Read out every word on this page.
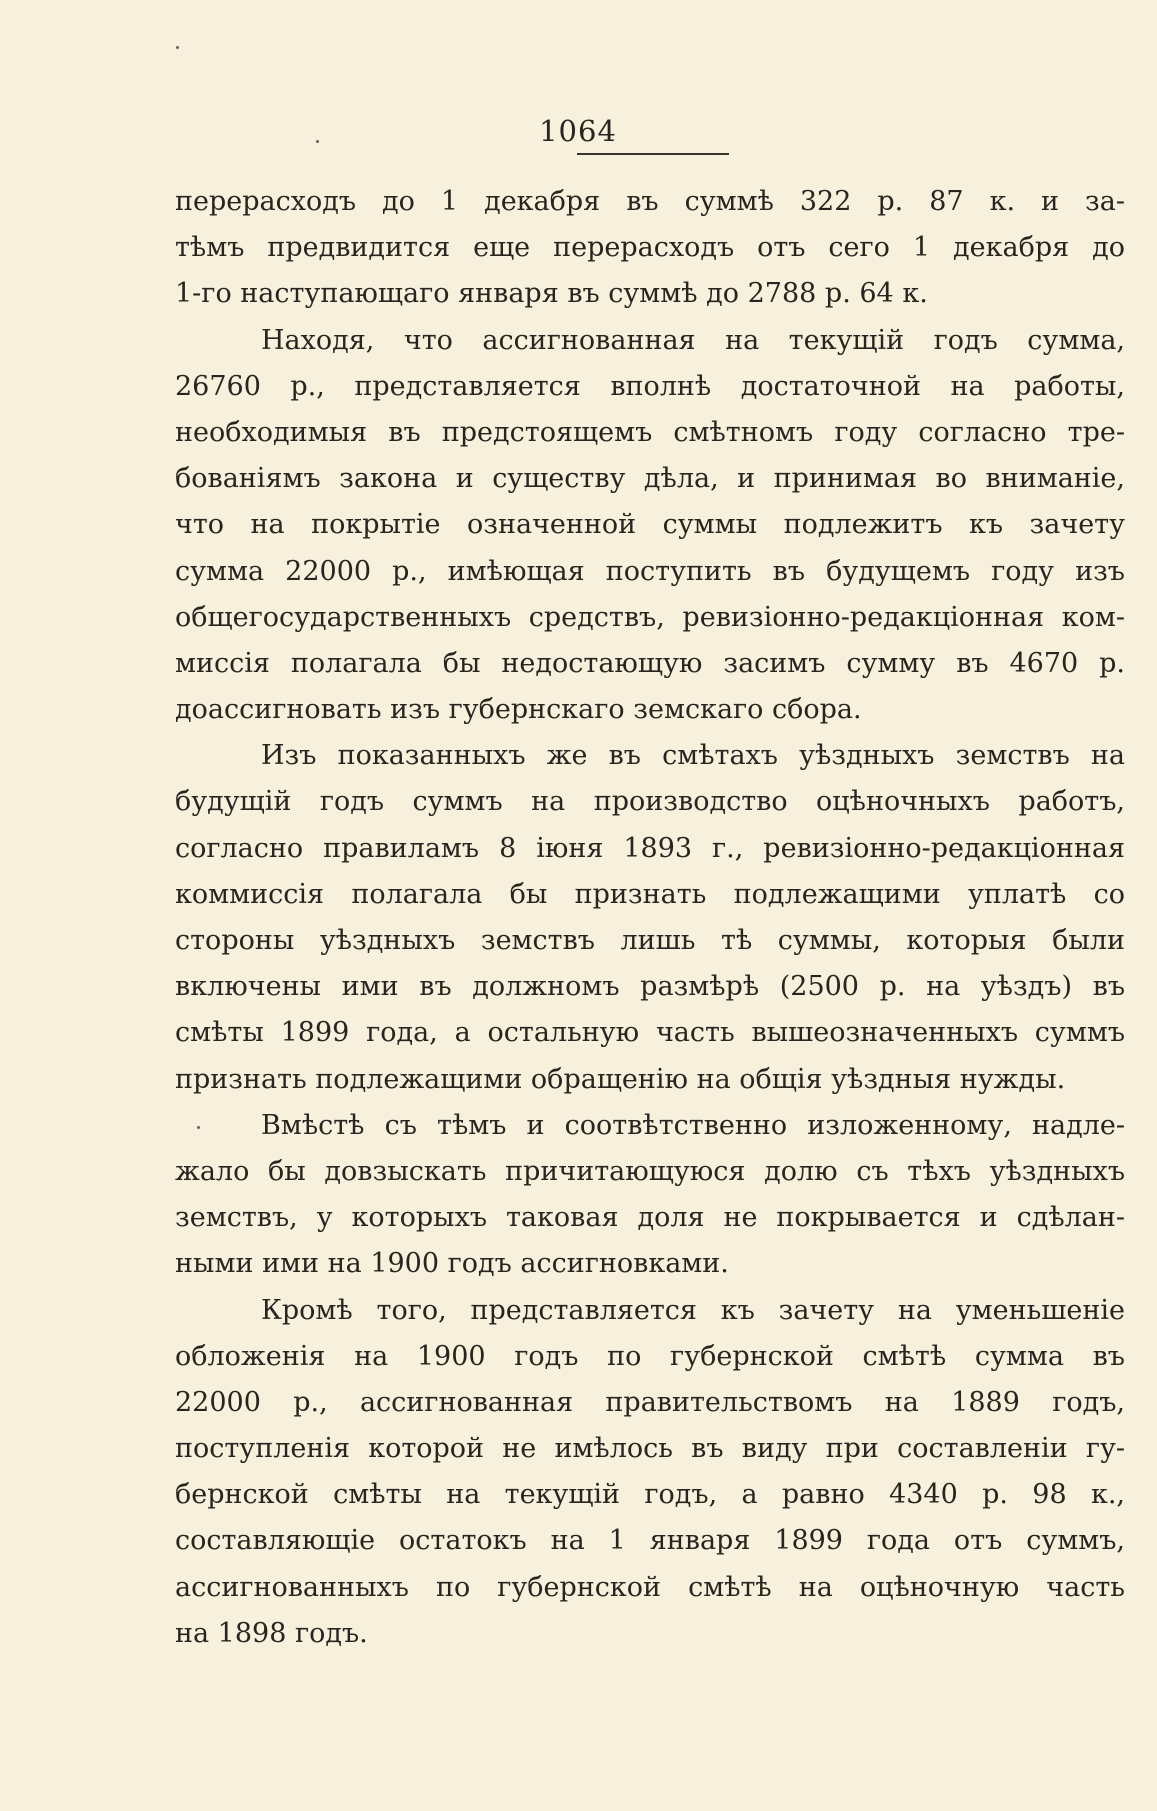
1064
перерасходъ до 1 декабря въ суммѣ 322 р. 87 к. и за-
тѣмъ предвидится еще перерасходъ отъ сего 1 декабря до
1-го наступающаго января въ суммѣ до 2788 р. 64 к.
Находя, что ассигнованная на текущій годъ сумма,
26760 р., представляется вполнѣ достаточной на работы,
необходимыя въ предстоящемъ смѣтномъ году согласно тре-
бованіямъ закона и существу дѣла, и принимая во вниманіе,
что на покрытіе означенной суммы подлежитъ къ зачету
сумма 22000 р., имѣющая поступить въ будущемъ году изъ
общегосударственныхъ средствъ, ревизіонно-редакціонная ком-
миссія полагала бы недостающую засимъ сумму въ 4670 р.
доассигновать изъ губернскаго земскаго сбора.
Изъ показанныхъ же въ смѣтахъ уѣздныхъ земствъ на
будущій годъ суммъ на производство оцѣночныхъ работъ,
согласно правиламъ 8 іюня 1893 г., ревизіонно-редакціонная
коммиссія полагала бы признать подлежащими уплатѣ со
стороны уѣздныхъ земствъ лишь тѣ суммы, которыя были
включены ими въ должномъ размѣрѣ (2500 р. на уѣздъ) въ
смѣты 1899 года, а остальную часть вышеозначенныхъ суммъ
признать подлежащими обращенію на общія уѣздныя нужды.
Вмѣстѣ съ тѣмъ и соотвѣтственно изложенному, надле-
жало бы довзыскать причитающуюся долю съ тѣхъ уѣздныхъ
земствъ, у которыхъ таковая доля не покрывается и сдѣлан-
ными ими на 1900 годъ ассигновками.
Кромѣ того, представляется къ зачету на уменьшеніе
обложенія на 1900 годъ по губернской смѣтѣ сумма въ
22000 р., ассигнованная правительствомъ на 1889 годъ,
поступленія которой не имѣлось въ виду при составленіи гу-
бернской смѣты на текущій годъ, а равно 4340 р. 98 к.,
составляющіе остатокъ на 1 января 1899 года отъ суммъ,
ассигнованныхъ по губернской смѣтѣ на оцѣночную часть
на 1898 годъ.
